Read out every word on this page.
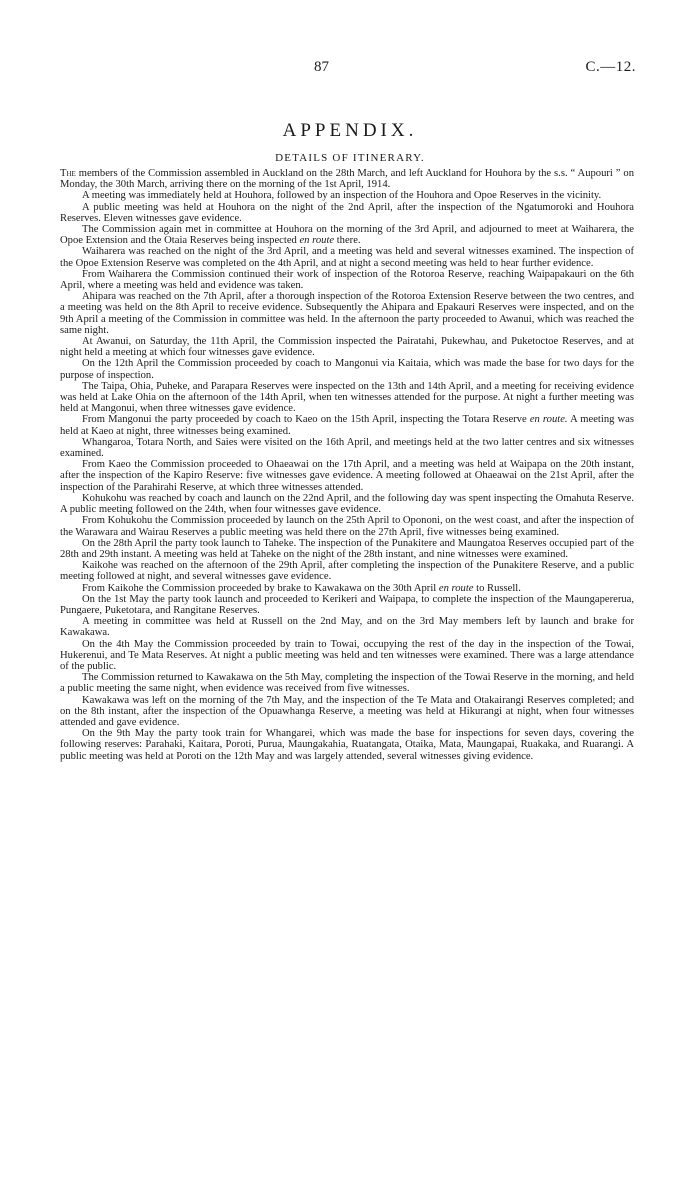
87	C.—12.
APPENDIX.
DETAILS OF ITINERARY.

The members of the Commission assembled in Auckland on the 28th March, and left Auckland for Houhora by the s.s. “ Aupouri ” on Monday, the 30th March, arriving there on the morning of the 1st April, 1914.

A meeting was immediately held at Houhora, followed by an inspection of the Houhora and Opoe Reserves in the vicinity.

A public meeting was held at Houhora on the night of the 2nd April, after the inspection of the Ngatumoroki and Houhora Reserves. Eleven witnesses gave evidence.

The Commission again met in committee at Houhora on the morning of the 3rd April, and adjourned to meet at Waiharera, the Opoe Extension and the Otaia Reserves being inspected en route there.

Waiharera was reached on the night of the 3rd April, and a meeting was held and several witnesses examined. The inspection of the Opoe Extension Reserve was completed on the 4th April, and at night a second meeting was held to hear further evidence.

From Waiharera the Commission continued their work of inspection of the Rotoroa Reserve, reaching Waipapakauri on the 6th April, where a meeting was held and evidence was taken.

Ahipara was reached on the 7th April, after a thorough inspection of the Rotoroa Extension Reserve between the two centres, and a meeting was held on the 8th April to receive evidence. Subsequently the Ahipara and Epakauri Reserves were inspected, and on the 9th April a meeting of the Commission in committee was held. In the afternoon the party proceeded to Awanui, which was reached the same night.

At Awanui, on Saturday, the 11th April, the Commission inspected the Pairatahi, Pukewhau, and Puketoctoe Reserves, and at night held a meeting at which four witnesses gave evidence.

On the 12th April the Commission proceeded by coach to Mangonui via Kaitaia, which was made the base for two days for the purpose of inspection.

The Taipa, Ohia, Puheke, and Parapara Reserves were inspected on the 13th and 14th April, and a meeting for receiving evidence was held at Lake Ohia on the afternoon of the 14th April, when ten witnesses attended for the purpose. At night a further meeting was held at Mangonui, when three witnesses gave evidence.

From Mangonui the party proceeded by coach to Kaeo on the 15th April, inspecting the Totara Reserve en route. A meeting was held at Kaeo at night, three witnesses being examined.

Whangaroa, Totara North, and Saies were visited on the 16th April, and meetings held at the two latter centres and six witnesses examined.

From Kaeo the Commission proceeded to Ohaeawai on the 17th April, and a meeting was held at Waipapa on the 20th instant, after the inspection of the Kapiro Reserve: five witnesses gave evidence. A meeting followed at Ohaeawai on the 21st April, after the inspection of the Parahirahi Reserve, at which three witnesses attended.

Kohukohu was reached by coach and launch on the 22nd April, and the following day was spent inspecting the Omahuta Reserve. A public meeting followed on the 24th, when four witnesses gave evidence.

From Kohukohu the Commission proceeded by launch on the 25th April to Opononi, on the west coast, and after the inspection of the Warawara and Wairau Reserves a public meeting was held there on the 27th April, five witnesses being examined.

On the 28th April the party took launch to Taheke. The inspection of the Punakitere and Maungatoa Reserves occupied part of the 28th and 29th instant. A meeting was held at Taheke on the night of the 28th instant, and nine witnesses were examined.

Kaikohe was reached on the afternoon of the 29th April, after completing the inspection of the Punakitere Reserve, and a public meeting followed at night, and several witnesses gave evidence.

From Kaikohe the Commission proceeded by brake to Kawakawa on the 30th April en route to Russell.

On the 1st May the party took launch and proceeded to Kerikeri and Waipapa, to complete the inspection of the Maungapererua, Pungaere, Puketotara, and Rangitane Reserves.

A meeting in committee was held at Russell on the 2nd May, and on the 3rd May members left by launch and brake for Kawakawa.

On the 4th May the Commission proceeded by train to Towai, occupying the rest of the day in the inspection of the Towai, Hukerenui, and Te Mata Reserves. At night a public meeting was held and ten witnesses were examined. There was a large attendance of the public.

The Commission returned to Kawakawa on the 5th May, completing the inspection of the Towai Reserve in the morning, and held a public meeting the same night, when evidence was received from five witnesses.

Kawakawa was left on the morning of the 7th May, and the inspection of the Te Mata and Otakairangi Reserves completed; and on the 8th instant, after the inspection of the Opuawhanga Reserve, a meeting was held at Hikurangi at night, when four witnesses attended and gave evidence.

On the 9th May the party took train for Whangarei, which was made the base for inspections for seven days, covering the following reserves: Parahaki, Kaitara, Poroti, Purua, Maungakahia, Ruatangata, Otaika, Mata, Maungapai, Ruakaka, and Ruarangi. A public meeting was held at Poroti on the 12th May and was largely attended, several witnesses giving evidence.
